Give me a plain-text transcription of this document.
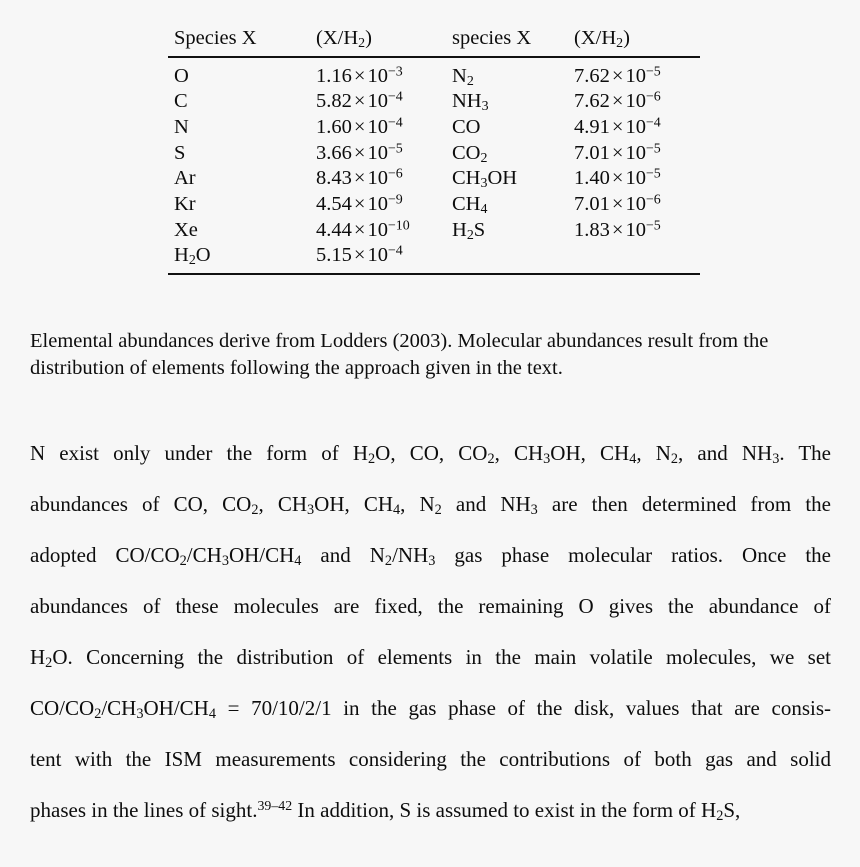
Species X	$(X/H_2)$	species X	$(X/H_2)$
O	$1.16\times 10^{-3}$	$N_2$	$7.62\times 10^{-5}$
C	$5.82\times 10^{-4}$	$NH_3$	$7.62\times 10^{-6}$
N	$1.60\times 10^{-4}$	CO	$4.91\times 10^{-4}$
S	$3.66\times 10^{-5}$	$CO_2$	$7.01\times 10^{-5}$
Ar	$8.43\times 10^{-6}$	$CH_3OH$	$1.40\times 10^{-5}$
Kr	$4.54\times 10^{-9}$	$CH_4$	$7.01\times 10^{-6}$
Xe	$4.44\times 10^{-10}$	$H_2S$	$1.83\times 10^{-5}$
$H_2O$	$5.15\times 10^{-4}$		
Elemental abundances derive from Lodders (2003). Molecular abundances result from the distribution of elements following the approach given in the text.
N exist only under the form of $H_2O$, CO, $CO_2$, $CH_3OH$, $CH_4$, $N_2$, and $NH_3$. The
abundances of CO, $CO_2$, $CH_3OH$, $CH_4$, $N_2$ and $NH_3$ are then determined from the
adopted $CO/CO_2/CH_3OH/CH_4$ and $N_2/NH_3$ gas phase molecular ratios. Once the
abundances of these molecules are fixed, the remaining O gives the abundance of
$H_2O$. Concerning the distribution of elements in the main volatile molecules, we set
$CO/CO_2/CH_3OH/CH_4 = 70/10/2/1$ in the gas phase of the disk, values that are consis-
tent with the ISM measurements considering the contributions of both gas and solid
phases in the lines of sight.$^{39-42}$ In addition, S is assumed to exist in the form of $H_2S$,
